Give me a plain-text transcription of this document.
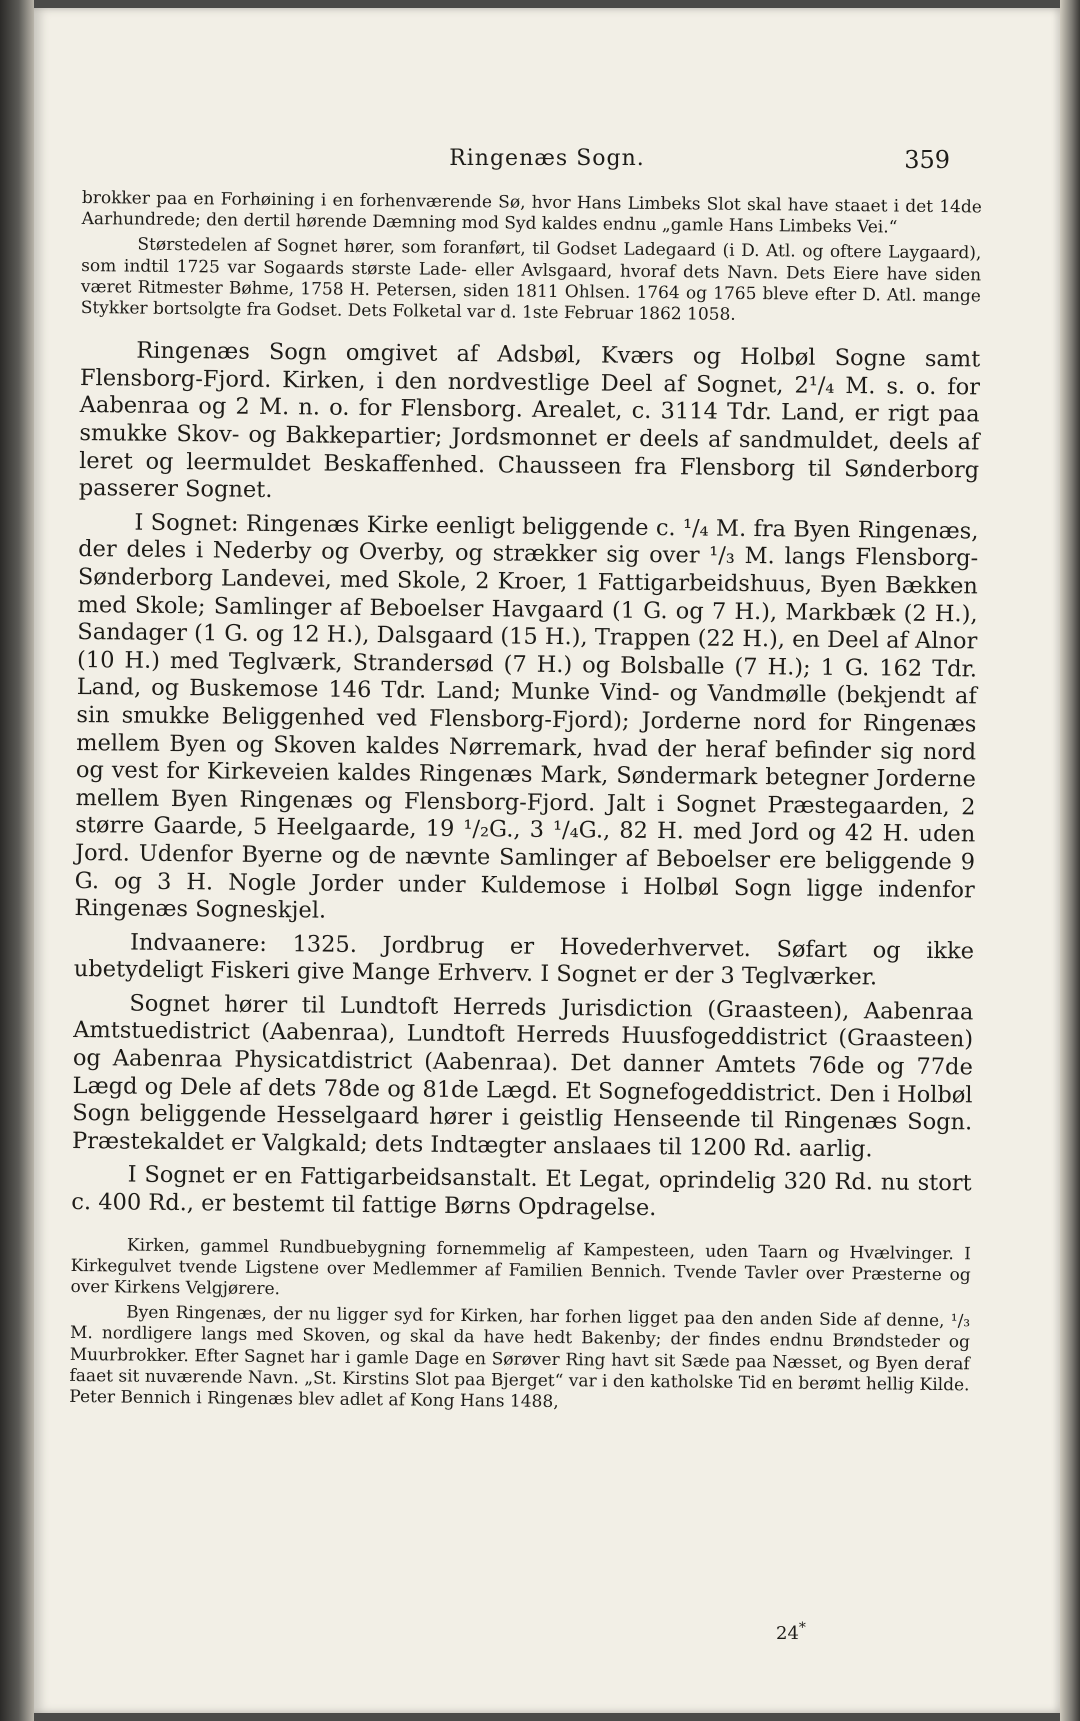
Ringenæs Sogn.	359

brokker paa en Forhøining i en forhenværende Sø, hvor Hans Limbeks Slot skal have staaet i det 14de Aarhundrede; den dertil hørende Dæmning mod Syd kaldes endnu „gamle Hans Limbeks Vei.“

Størstedelen af Sognet hører, som foranført, til Godset Ladegaard (i D. Atl. og oftere Laygaard), som indtil 1725 var Sogaards største Lade- eller Avlsgaard, hvoraf dets Navn. Dets Eiere have siden været Ritmester Bøhme, 1758 H. Petersen, siden 1811 Ohlsen. 1764 og 1765 bleve efter D. Atl. mange Stykker bortsolgte fra Godset. Dets Folketal var d. 1ste Februar 1862 1058.

Ringenæs Sogn omgivet af Adsbøl, Kværs og Holbøl Sogne samt Flensborg-Fjord. Kirken, i den nordvestlige Deel af Sognet, 2¹/₄ M. s. o. for Aabenraa og 2 M. n. o. for Flensborg. Arealet, c. 3114 Tdr. Land, er rigt paa smukke Skov- og Bakkepartier; Jordsmonnet er deels af sandmuldet, deels af leret og leermuldet Beskaffenhed. Chausseen fra Flensborg til Sønderborg passerer Sognet.

I Sognet: Ringenæs Kirke eenligt beliggende c. ¹/₄ M. fra Byen Ringenæs, der deles i Nederby og Overby, og strækker sig over ¹/₃ M. langs Flensborg-Sønderborg Landevei, med Skole, 2 Kroer, 1 Fattigarbeidshuus, Byen Bækken med Skole; Samlinger af Beboelser Havgaard (1 G. og 7 H.), Markbæk (2 H.), Sandager (1 G. og 12 H.), Dalsgaard (15 H.), Trappen (22 H.), en Deel af Alnor (10 H.) med Teglværk, Strandersød (7 H.) og Bolsballe (7 H.); 1 G. 162 Tdr. Land, og Buskemose 146 Tdr. Land; Munke Vind- og Vandmølle (bekjendt af sin smukke Beliggenhed ved Flensborg-Fjord); Jorderne nord for Ringenæs mellem Byen og Skoven kaldes Nørremark, hvad der heraf befinder sig nord og vest for Kirkeveien kaldes Ringenæs Mark, Søndermark betegner Jorderne mellem Byen Ringenæs og Flensborg-Fjord. Jalt i Sognet Præstegaarden, 2 større Gaarde, 5 Heelgaarde, 19 ¹/₂G., 3 ¹/₄G., 82 H. med Jord og 42 H. uden Jord. Udenfor Byerne og de nævnte Samlinger af Beboelser ere beliggende 9 G. og 3 H. Nogle Jorder under Kuldemose i Holbøl Sogn ligge indenfor Ringenæs Sogneskjel.

Indvaanere: 1325. Jordbrug er Hovederhvervet. Søfart og ikke ubetydeligt Fiskeri give Mange Erhverv. I Sognet er der 3 Teglværker.

Sognet hører til Lundtoft Herreds Jurisdiction (Graasteen), Aabenraa Amtstuedistrict (Aabenraa), Lundtoft Herreds Huusfogeddistrict (Graasteen) og Aabenraa Physicatdistrict (Aabenraa). Det danner Amtets 76de og 77de Lægd og Dele af dets 78de og 81de Lægd. Et Sognefogeddistrict. Den i Holbøl Sogn beliggende Hesselgaard hører i geistlig Henseende til Ringenæs Sogn. Præstekaldet er Valgkald; dets Indtægter anslaaes til 1200 Rd. aarlig.

I Sognet er en Fattigarbeidsanstalt. Et Legat, oprindelig 320 Rd. nu stort c. 400 Rd., er bestemt til fattige Børns Opdragelse.

Kirken, gammel Rundbuebygning fornemmelig af Kampesteen, uden Taarn og Hvælvinger. I Kirkegulvet tvende Ligstene over Medlemmer af Familien Bennich. Tvende Tavler over Præsterne og over Kirkens Velgjørere.

Byen Ringenæs, der nu ligger syd for Kirken, har forhen ligget paa den anden Side af denne, ¹/₃ M. nordligere langs med Skoven, og skal da have hedt Bakenby; der findes endnu Brøndsteder og Muurbrokker. Efter Sagnet har i gamle Dage en Sørøver Ring havt sit Sæde paa Næsset, og Byen deraf faaet sit nuværende Navn. „St. Kirstins Slot paa Bjerget“ var i den katholske Tid en berømt hellig Kilde. Peter Bennich i Ringenæs blev adlet af Kong Hans 1488,

24*
